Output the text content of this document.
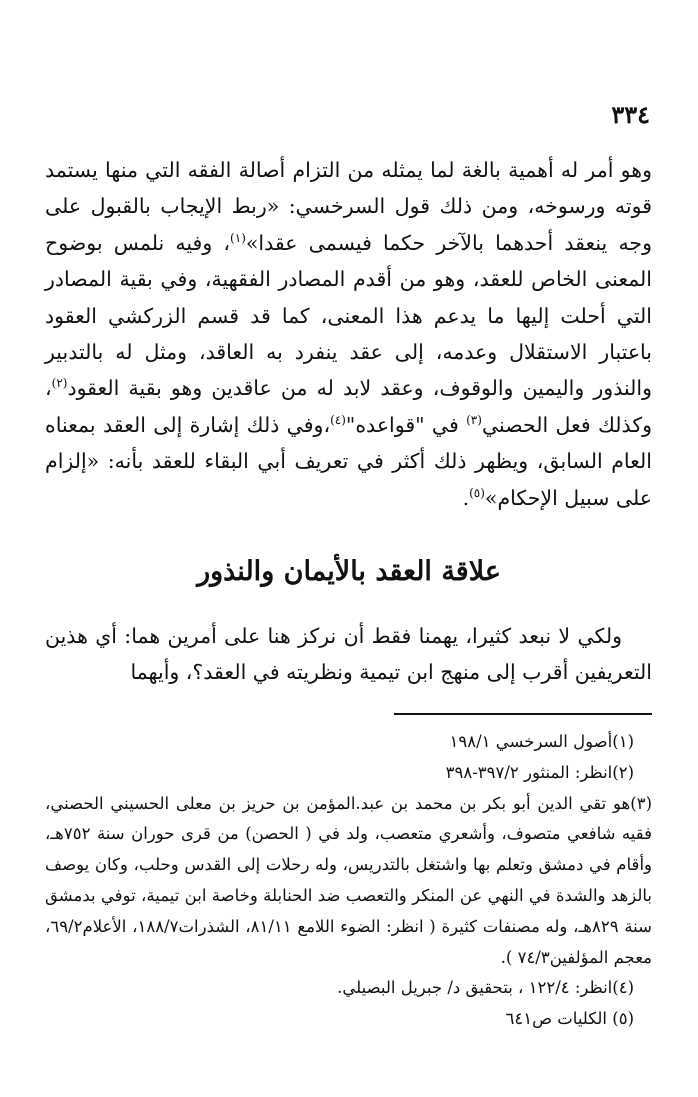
٣٣٤

وهو أمر له أهمية بالغة لما يمثله من التزام أصالة الفقه التي منها يستمد قوته ورسوخه، ومن ذلك قول السرخسي: «ربط الإيجاب بالقبول على وجه ينعقد أحدهما بالآخر حكما فيسمى عقدا»$^{(١)}$، وفيه نلمس بوضوح المعنى الخاص للعقد، وهو من أقدم المصادر الفقهية، وفي بقية المصادر التي أحلت إليها ما يدعم هذا المعنى، كما قد قسم الزركشي العقود باعتبار الاستقلال وعدمه، إلى عقد ينفرد به العاقد، ومثل له بالتدبير والنذور واليمين والوقوف، وعقد لابد له من عاقدين وهو بقية العقود$^{(٢)}$، وكذلك فعل الحصني$^{(٣)}$ في "قواعده"$^{(٤)}$،وفي ذلك إشارة إلى العقد بمعناه العام السابق، ويظهر ذلك أكثر في تعريف أبي البقاء للعقد بأنه: «إلزام على سبيل الإحكام»$^{(٥)}$.

علاقة العقد بالأيمان والنذور

ولكي لا نبعد كثيرا، يهمنا فقط أن نركز هنا على أمرين هما: أي هذين التعريفين أقرب إلى منهج ابن تيمية ونظريته في العقد؟، وأيهما

(١)أصول السرخسي ١٩٨/١

(٢)انظر: المنثور ٣٩٧/٢-٣٩٨

(٣)هو تقي الدين أبو بكر بن محمد بن عبد.المؤمن بن حريز بن معلى الحسيني الحصني، فقيه شافعي متصوف، وأشعري متعصب، ولد في ( الحصن) من قرى حوران سنة ٧٥٢هـ، وأقام في دمشق وتعلم بها واشتغل بالتدريس، وله رحلات إلى القدس وحلب، وكان يوصف بالزهد والشدة في النهي عن المنكر والتعصب ضد الحنابلة وخاصة ابن تيمية، توفي بدمشق سنة ٨٢٩هـ، وله مصنفات كثيرة ( انظر: الضوء اللامع ٨١/١١، الشذرات١٨٨/٧، الأعلام٦٩/٢، معجم المؤلفين٧٤/٣ ).

(٤)انظر: ١٢٢/٤ ، بتحقيق د/ جبريل البصيلي.

(٥) الكليات ص٦٤١
